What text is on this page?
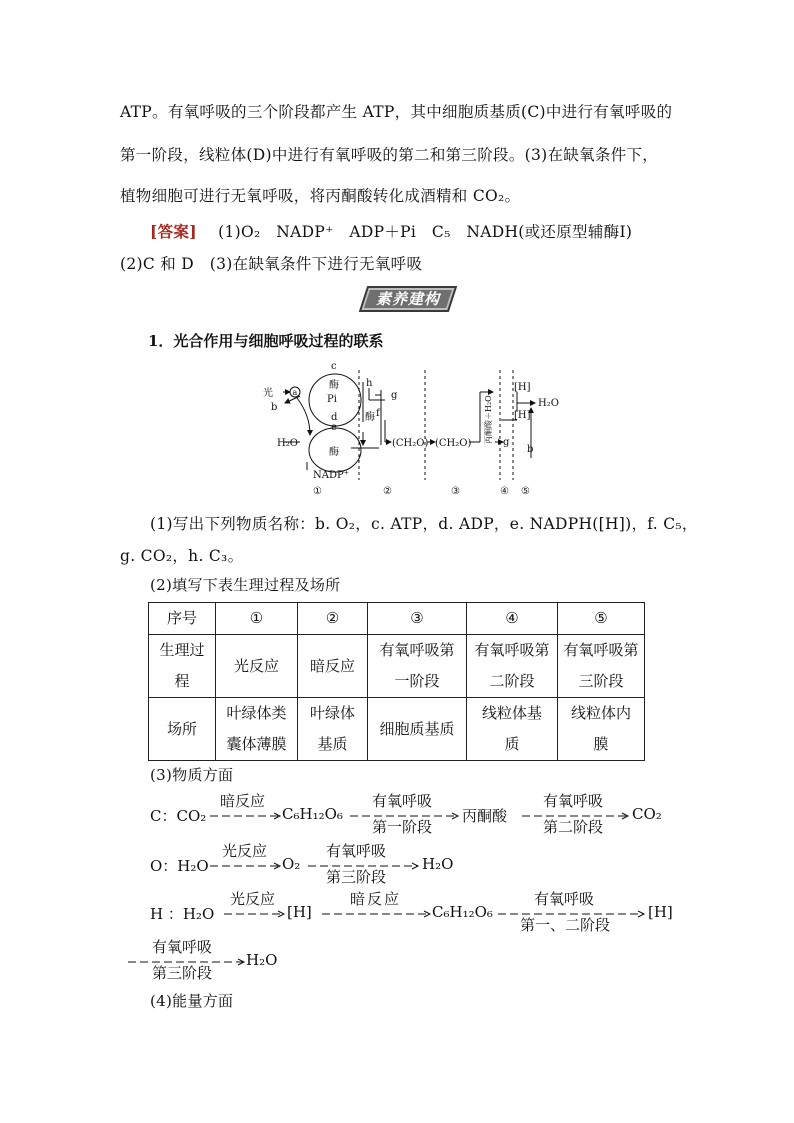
ATP。有氧呼吸的三个阶段都产生 ATP，其中细胞质基质(C)中进行有氧呼吸的
第一阶段，线粒体(D)中进行有氧呼吸的第二和第三阶段。(3)在缺氧条件下，
植物细胞可进行无氧呼吸，将丙酮酸转化成酒精和 CO₂。
[答案] (1)O₂　NADP⁺　ADP＋Pi　C₅　NADH(或还原型辅酶Ⅰ)
(2)C 和 D　(3)在缺氧条件下进行无氧呼吸
素养建构
1．光合作用与细胞呼吸过程的联系
光 a
b
c
酶
Pi
d
e
H₂O
酶
NADP⁺
h
g
f
酶
(CH₂O) (CH₂O) 丙酮酸＋H₂O g
[H]
[H]
H₂O
b
①	②	③	④ ⑤
(1)写出下列物质名称：b. O₂，c. ATP，d. ADP，e. NADPH([H])，f. C₅，
g. CO₂，h. C₃。
(2)填写下表生理过程及场所
序号	①	②	③	④	⑤

生理过程	光反应	暗反应	有氧呼吸第一阶段	有氧呼吸第二阶段	有氧呼吸第三阶段

场所	叶绿体类囊体薄膜	叶绿体基质	细胞质基质	线粒体基质	线粒体内膜
(3)物质方面
C：CO₂
暗反应
C₆H₁₂O₆
有氧呼吸
第一阶段
丙酮酸
有氧呼吸
第二阶段
CO₂
O：H₂O
光反应
O₂
有氧呼吸
第三阶段
H₂O
H ：H₂O
光反应
[H]
暗反应
C₆H₁₂O₆
有氧呼吸
第一、二阶段
[H]
有氧呼吸
第三阶段
H₂O
(4)能量方面
